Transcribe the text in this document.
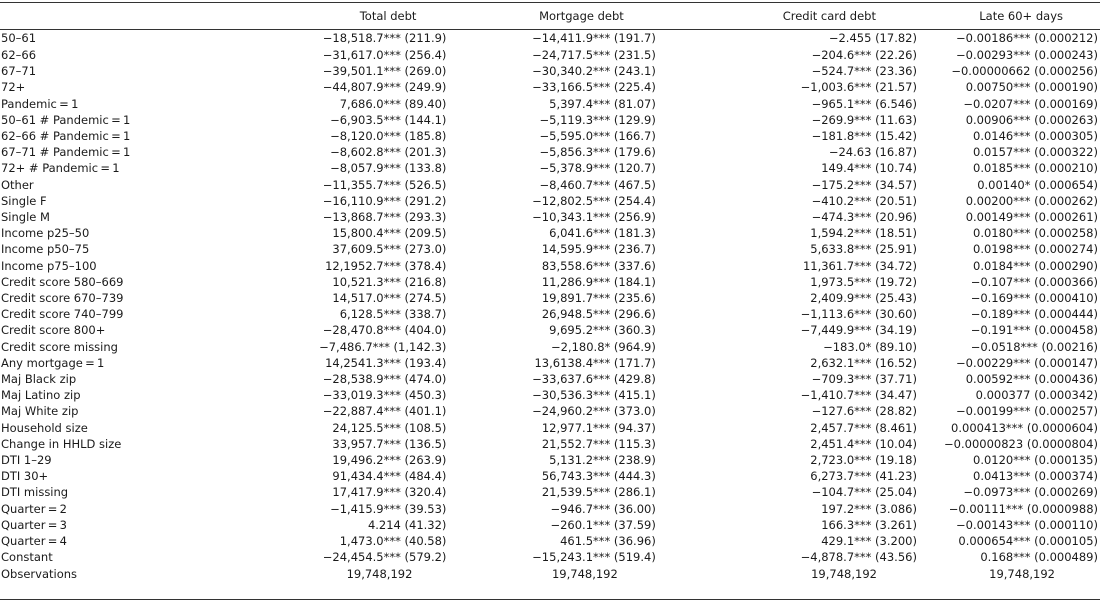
	Total debt	Mortgage debt	Credit card debt	Late 60+ days
50–61	−18,518.7*** (211.9)	−14,411.9*** (191.7)	−2.455 (17.82)	−0.00186*** (0.000212)
62–66	−31,617.0*** (256.4)	−24,717.5*** (231.5)	−204.6*** (22.26)	−0.00293*** (0.000243)
67–71	−39,501.1*** (269.0)	−30,340.2*** (243.1)	−524.7*** (23.36)	−0.00000662 (0.000256)
72+	−44,807.9*** (249.9)	−33,166.5*** (225.4)	−1,003.6*** (21.57)	0.00750*** (0.000190)
Pandemic = 1	7,686.0*** (89.40)	5,397.4*** (81.07)	−965.1*** (6.546)	−0.0207*** (0.000169)
50–61 # Pandemic = 1	−6,903.5*** (144.1)	−5,119.3*** (129.9)	−269.9*** (11.63)	0.00906*** (0.000263)
62–66 # Pandemic = 1	−8,120.0*** (185.8)	−5,595.0*** (166.7)	−181.8*** (15.42)	0.0146*** (0.000305)
67–71 # Pandemic = 1	−8,602.8*** (201.3)	−5,856.3*** (179.6)	−24.63 (16.87)	0.0157*** (0.000322)
72+ # Pandemic = 1	−8,057.9*** (133.8)	−5,378.9*** (120.7)	149.4*** (10.74)	0.0185*** (0.000210)
Other	−11,355.7*** (526.5)	−8,460.7*** (467.5)	−175.2*** (34.57)	0.00140* (0.000654)
Single F	−16,110.9*** (291.2)	−12,802.5*** (254.4)	−410.2*** (20.51)	0.00200*** (0.000262)
Single M	−13,868.7*** (293.3)	−10,343.1*** (256.9)	−474.3*** (20.96)	0.00149*** (0.000261)
Income p25–50	15,800.4*** (209.5)	6,041.6*** (181.3)	1,594.2*** (18.51)	0.0180*** (0.000258)
Income p50–75	37,609.5*** (273.0)	14,595.9*** (236.7)	5,633.8*** (25.91)	0.0198*** (0.000274)
Income p75–100	12,1952.7*** (378.4)	83,558.6*** (337.6)	11,361.7*** (34.72)	0.0184*** (0.000290)
Credit score 580–669	10,521.3*** (216.8)	11,286.9*** (184.1)	1,973.5*** (19.72)	−0.107*** (0.000366)
Credit score 670–739	14,517.0*** (274.5)	19,891.7*** (235.6)	2,409.9*** (25.43)	−0.169*** (0.000410)
Credit score 740–799	6,128.5*** (338.7)	26,948.5*** (296.6)	−1,113.6*** (30.60)	−0.189*** (0.000444)
Credit score 800+	−28,470.8*** (404.0)	9,695.2*** (360.3)	−7,449.9*** (34.19)	−0.191*** (0.000458)
Credit score missing	−7,486.7*** (1,142.3)	−2,180.8* (964.9)	−183.0* (89.10)	−0.0518*** (0.00216)
Any mortgage = 1	14,2541.3*** (193.4)	13,6138.4*** (171.7)	2,632.1*** (16.52)	−0.00229*** (0.000147)
Maj Black zip	−28,538.9*** (474.0)	−33,637.6*** (429.8)	−709.3*** (37.71)	0.00592*** (0.000436)
Maj Latino zip	−33,019.3*** (450.3)	−30,536.3*** (415.1)	−1,410.7*** (34.47)	0.000377 (0.000342)
Maj White zip	−22,887.4*** (401.1)	−24,960.2*** (373.0)	−127.6*** (28.82)	−0.00199*** (0.000257)
Household size	24,125.5*** (108.5)	12,977.1*** (94.37)	2,457.7*** (8.461)	0.000413*** (0.0000604)
Change in HHLD size	33,957.7*** (136.5)	21,552.7*** (115.3)	2,451.4*** (10.04)	−0.00000823 (0.0000804)
DTI 1–29	19,496.2*** (263.9)	5,131.2*** (238.9)	2,723.0*** (19.18)	0.0120*** (0.000135)
DTI 30+	91,434.4*** (484.4)	56,743.3*** (444.3)	6,273.7*** (41.23)	0.0413*** (0.000374)
DTI missing	17,417.9*** (320.4)	21,539.5*** (286.1)	−104.7*** (25.04)	−0.0973*** (0.000269)
Quarter = 2	−1,415.9*** (39.53)	−946.7*** (36.00)	197.2*** (3.086)	−0.00111*** (0.0000988)
Quarter = 3	4.214 (41.32)	−260.1*** (37.59)	166.3*** (3.261)	−0.00143*** (0.000110)
Quarter = 4	1,473.0*** (40.58)	461.5*** (36.96)	429.1*** (3.200)	0.000654*** (0.000105)
Constant	−24,454.5*** (579.2)	−15,243.1*** (519.4)	−4,878.7*** (43.56)	0.168*** (0.000489)
Observations	19,748,192	19,748,192	19,748,192	19,748,192
